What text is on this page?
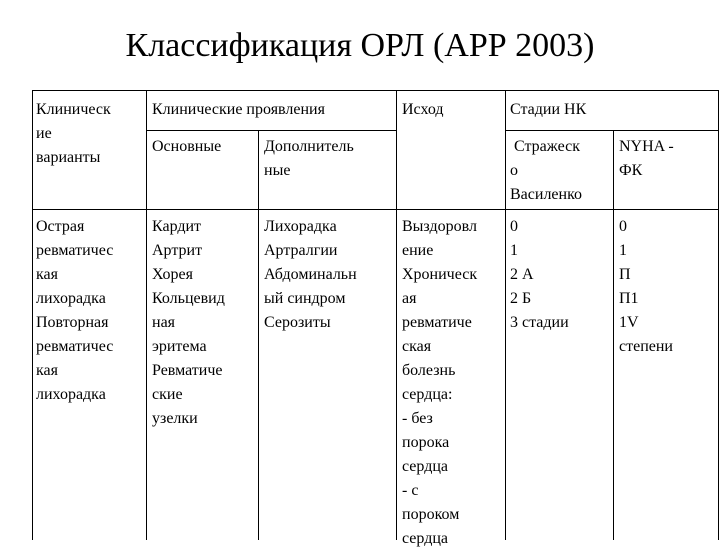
Классификация ОРЛ (АРР 2003)
Клиническ
ие
варианты
Клинические проявления
Основные	Дополнитель
ные
Исход	Стадии НК
Стражеск
о
Василенко
NYHA -
ФК
Острая
ревматичес
кая
лихорадка
Повторная
ревматичес
кая
лихорадка
Кардит
Артрит
Хорея
Кольцевид
ная
эритема
Ревматиче
ские
узелки
Лихорадка
Артралгии
Абдоминальн
ый синдром
Серозиты
Выздоровл
ение
Хроническ
ая
ревматиче
ская
болезнь
сердца:
- без
порока
сердца
- с
пороком
сердца
0
1
2 А
2 Б
3 стадии
0
1
П
П1
1V
степени
